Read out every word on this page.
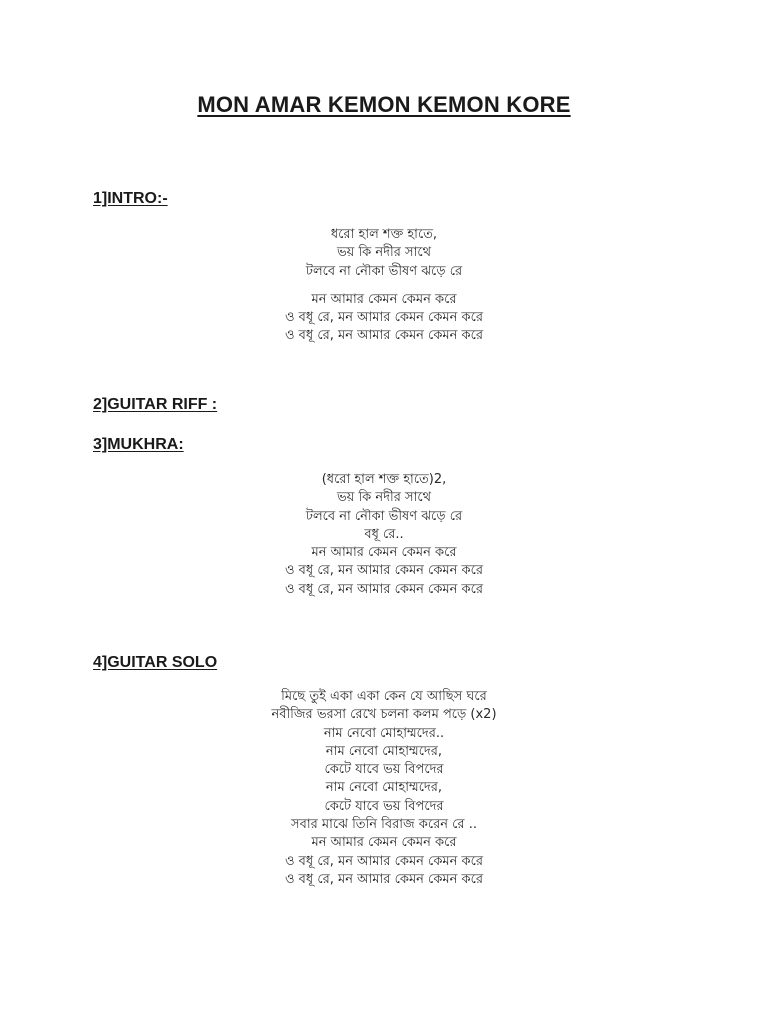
MON AMAR KEMON KEMON KORE
1]INTRO:-
ধরো হাল শক্ত হাতে,
ভয় কি নদীর সাথে
টলবে না নৌকা ভীষণ ঝড়ে রে
মন আমার কেমন কেমন করে
ও বধূ রে, মন আমার কেমন কেমন করে
ও বধূ রে, মন আমার কেমন কেমন করে
2]GUITAR RIFF :
3]MUKHRA:
(ধরো হাল শক্ত হাতে)2,
ভয় কি নদীর সাথে
টলবে না নৌকা ভীষণ ঝড়ে রে
বধূ রে..
মন আমার কেমন কেমন করে
ও বধূ রে, মন আমার কেমন কেমন করে
ও বধূ রে, মন আমার কেমন কেমন করে
4]GUITAR SOLO
মিছে তুই একা একা কেন যে আছিস ঘরে
নবীজির ভরসা রেখে চলনা কলম পড়ে (x2)
নাম নেবো মোহাম্মদের..
নাম নেবো মোহাম্মদের,
কেটে যাবে ভয় বিপদের
নাম নেবো মোহাম্মদের,
কেটে যাবে ভয় বিপদের
সবার মাঝে তিনি বিরাজ করেন রে ..
মন আমার কেমন কেমন করে
ও বধূ রে, মন আমার কেমন কেমন করে
ও বধূ রে, মন আমার কেমন কেমন করে
